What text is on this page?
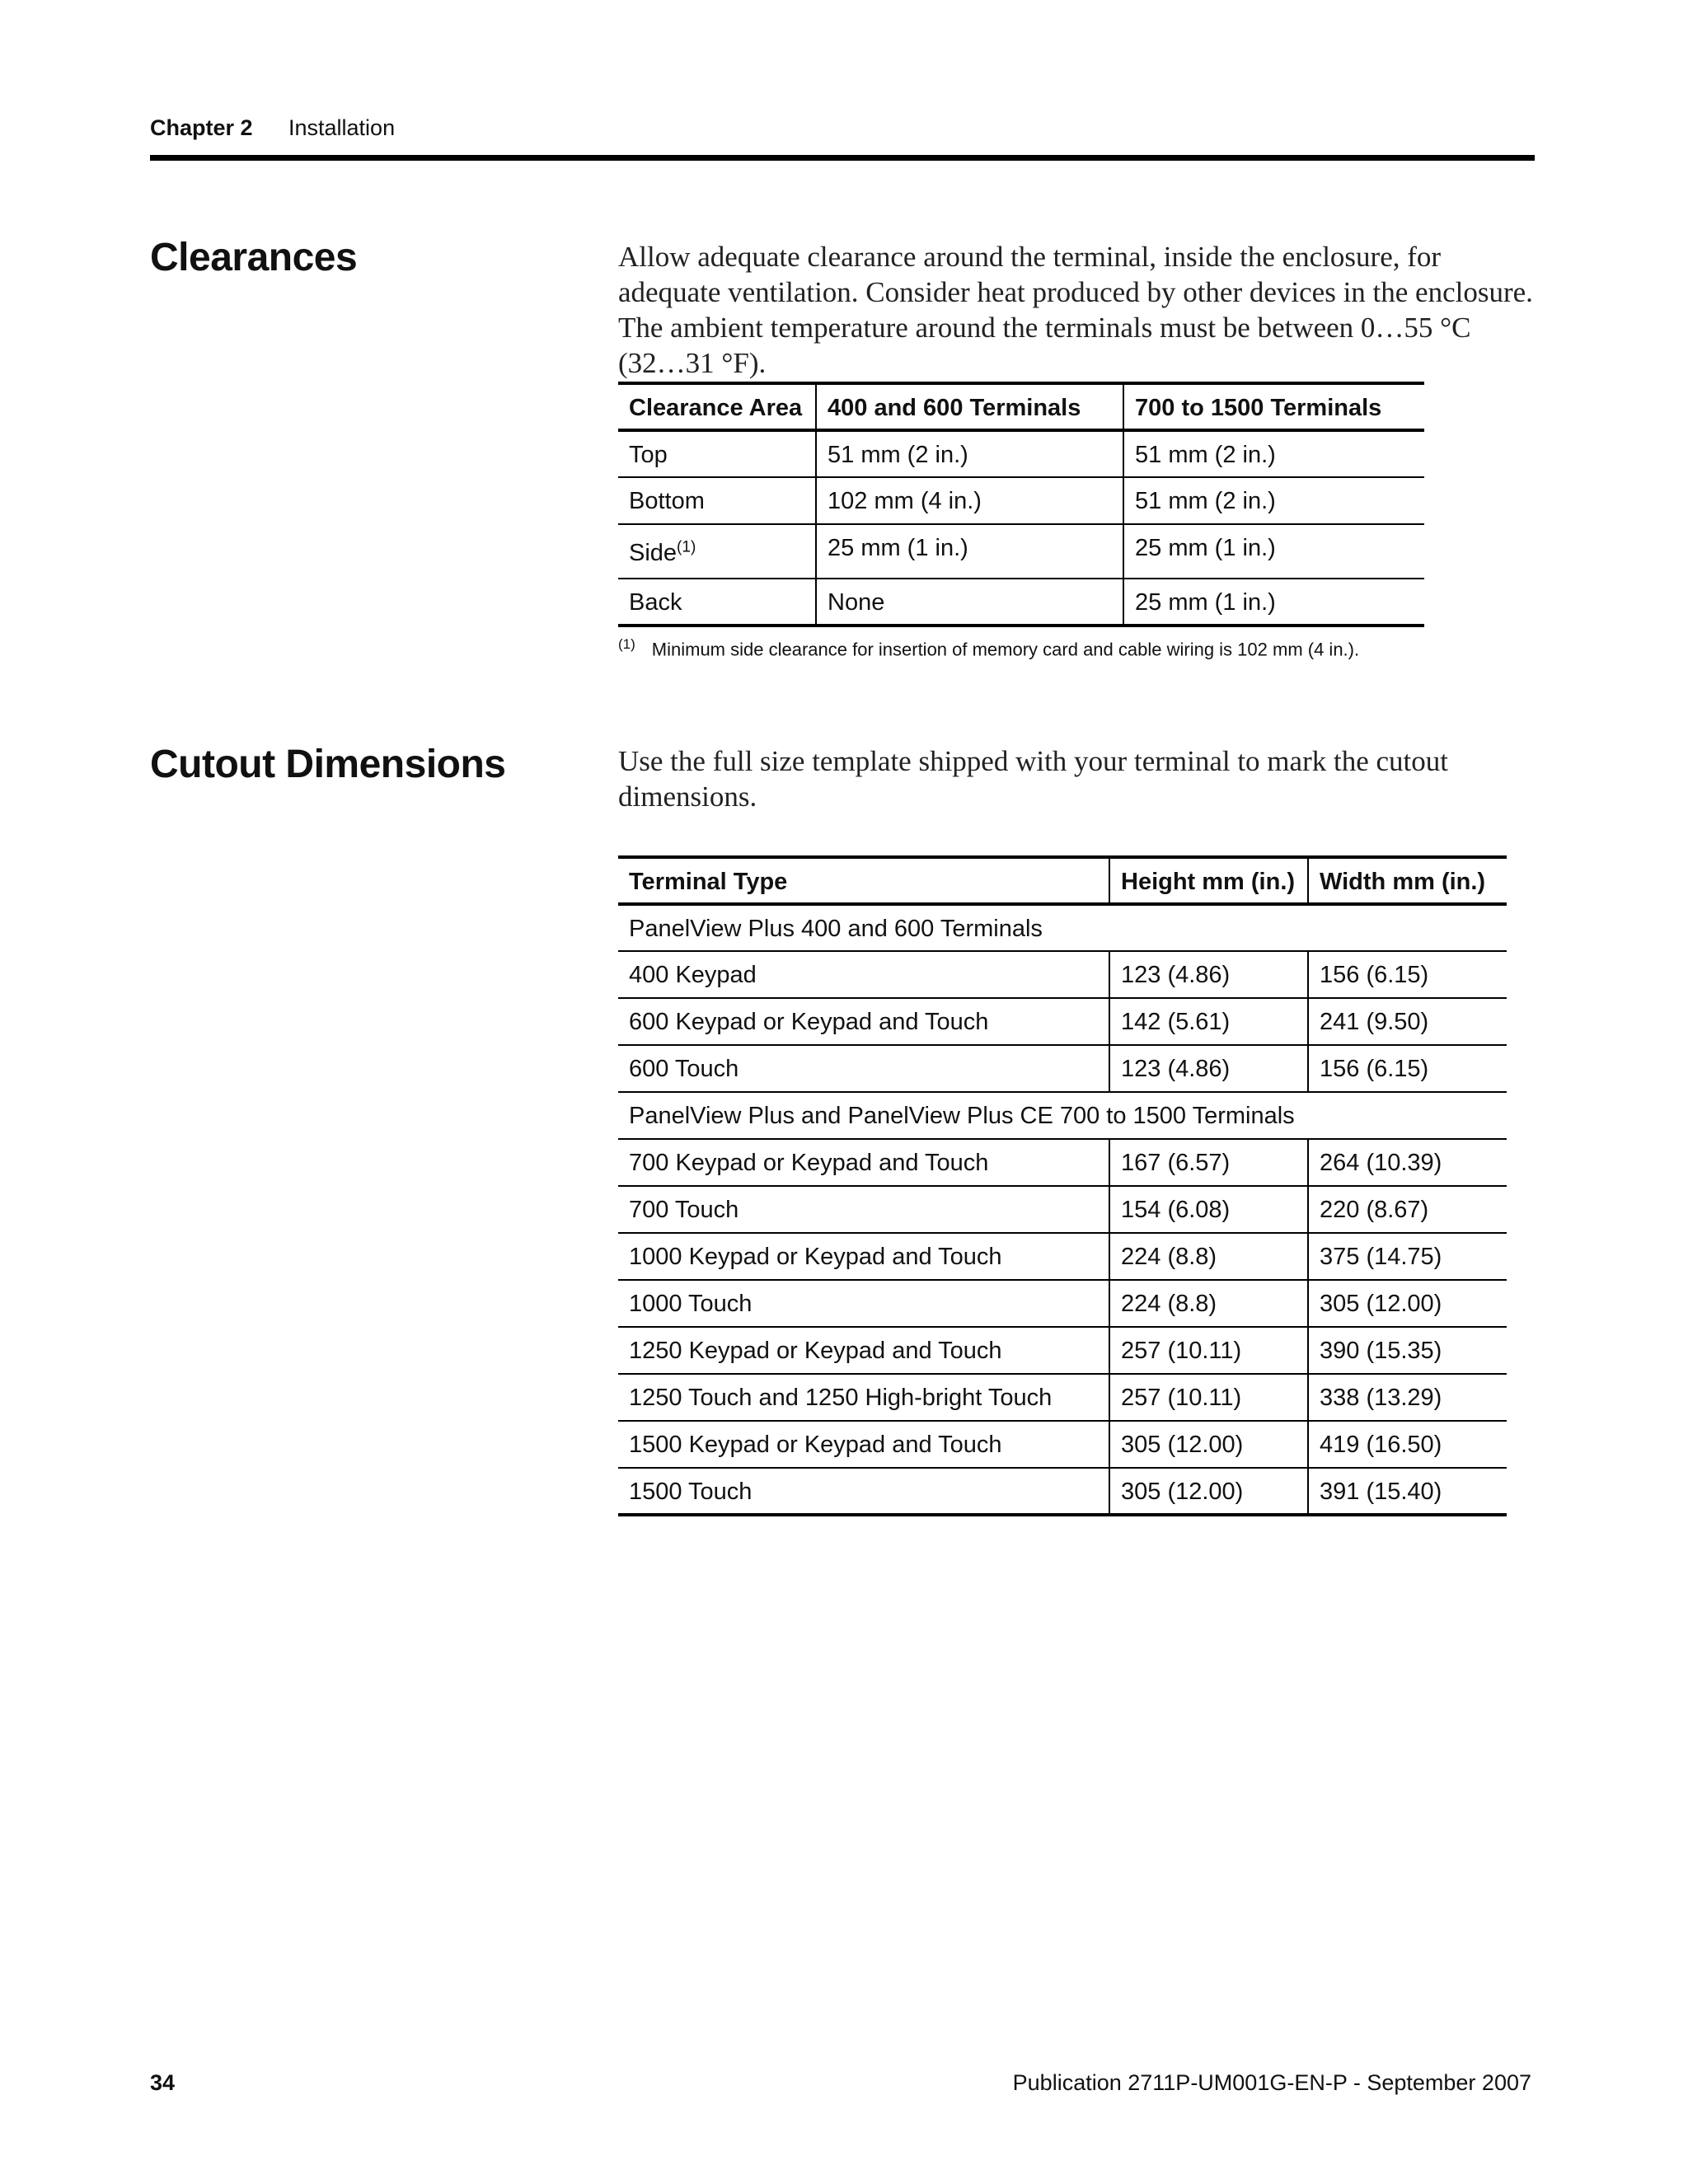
Chapter 2 Installation
Clearances	Allow adequate clearance around the terminal, inside the enclosure, for adequate ventilation. Consider heat produced by other devices in the enclosure. The ambient temperature around the terminals must be between 0…55 °C (32…31 °F).
Clearance Area	400 and 600 Terminals	700 to 1500 Terminals
Top	51 mm (2 in.)	51 mm (2 in.)
Bottom	102 mm (4 in.)	51 mm (2 in.)
Side$^{(1)}$	25 mm (1 in.)	25 mm (1 in.)
Back	None	25 mm (1 in.)
$^{(1)}$ Minimum side clearance for insertion of memory card and cable wiring is 102 mm (4 in.).
Cutout Dimensions	Use the full size template shipped with your terminal to mark the cutout dimensions.
Terminal Type	Height mm (in.)	Width mm (in.)
PanelView Plus 400 and 600 Terminals		
400 Keypad	123 (4.86)	156 (6.15)
600 Keypad or Keypad and Touch	142 (5.61)	241 (9.50)
600 Touch	123 (4.86)	156 (6.15)
PanelView Plus and PanelView Plus CE 700 to 1500 Terminals		
700 Keypad or Keypad and Touch	167 (6.57)	264 (10.39)
700 Touch	154 (6.08)	220 (8.67)
1000 Keypad or Keypad and Touch	224 (8.8)	375 (14.75)
1000 Touch	224 (8.8)	305 (12.00)
1250 Keypad or Keypad and Touch	257 (10.11)	390 (15.35)
1250 Touch and 1250 High-bright Touch	257 (10.11)	338 (13.29)
1500 Keypad or Keypad and Touch	305 (12.00)	419 (16.50)
1500 Touch	305 (12.00)	391 (15.40)
34	Publication 2711P-UM001G-EN-P - September 2007
